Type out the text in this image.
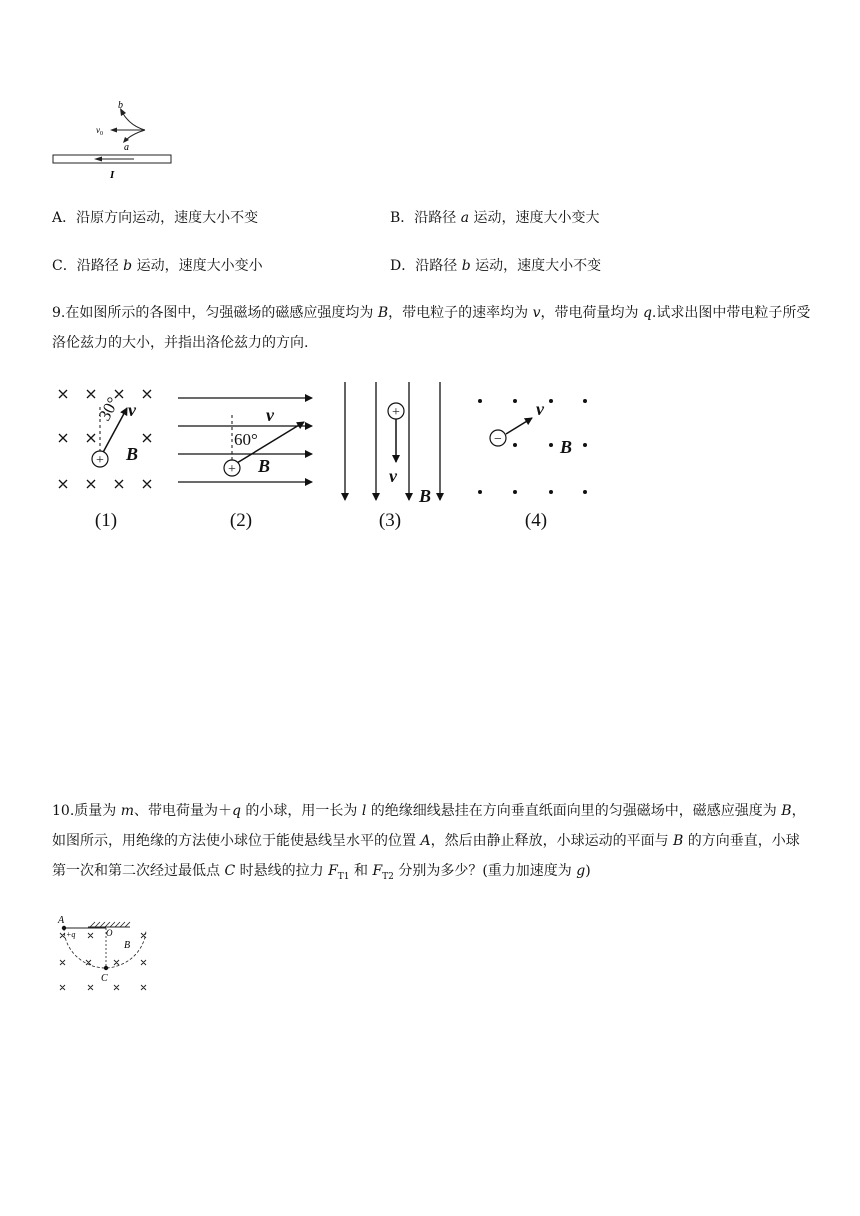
b
$v_0$
a
I
A．沿原方向运动，速度大小不变	B．沿路径 a 运动，速度大小变大
C．沿路径 b 运动，速度大小变小	D．沿路径 b 运动，速度大小不变
9.在如图所示的各图中，匀强磁场的磁感应强度均为 B，带电粒子的速率均为 v，带电荷量均为 q.试求出图中带电粒子所受洛伦兹力的大小，并指出洛伦兹力的方向.
+
30° v
B
(1)
+
60°
v
B
(2)
+
v
B
(3)
−
v
B
(4)
10.质量为 m、带电荷量为＋q 的小球，用一长为 l 的绝缘细线悬挂在方向垂直纸面向里的匀强磁场中，磁感应强度为 B，如图所示，用绝缘的方法使小球位于能使悬线呈水平的位置 A，然后由静止释放，小球运动的平面与 B 的方向垂直，小球第一次和第二次经过最低点 C 时悬线的拉力 $F_{T1}$ 和 $F_{T2}$ 分别为多少？(重力加速度为 g)
A
+q	O
B
C
